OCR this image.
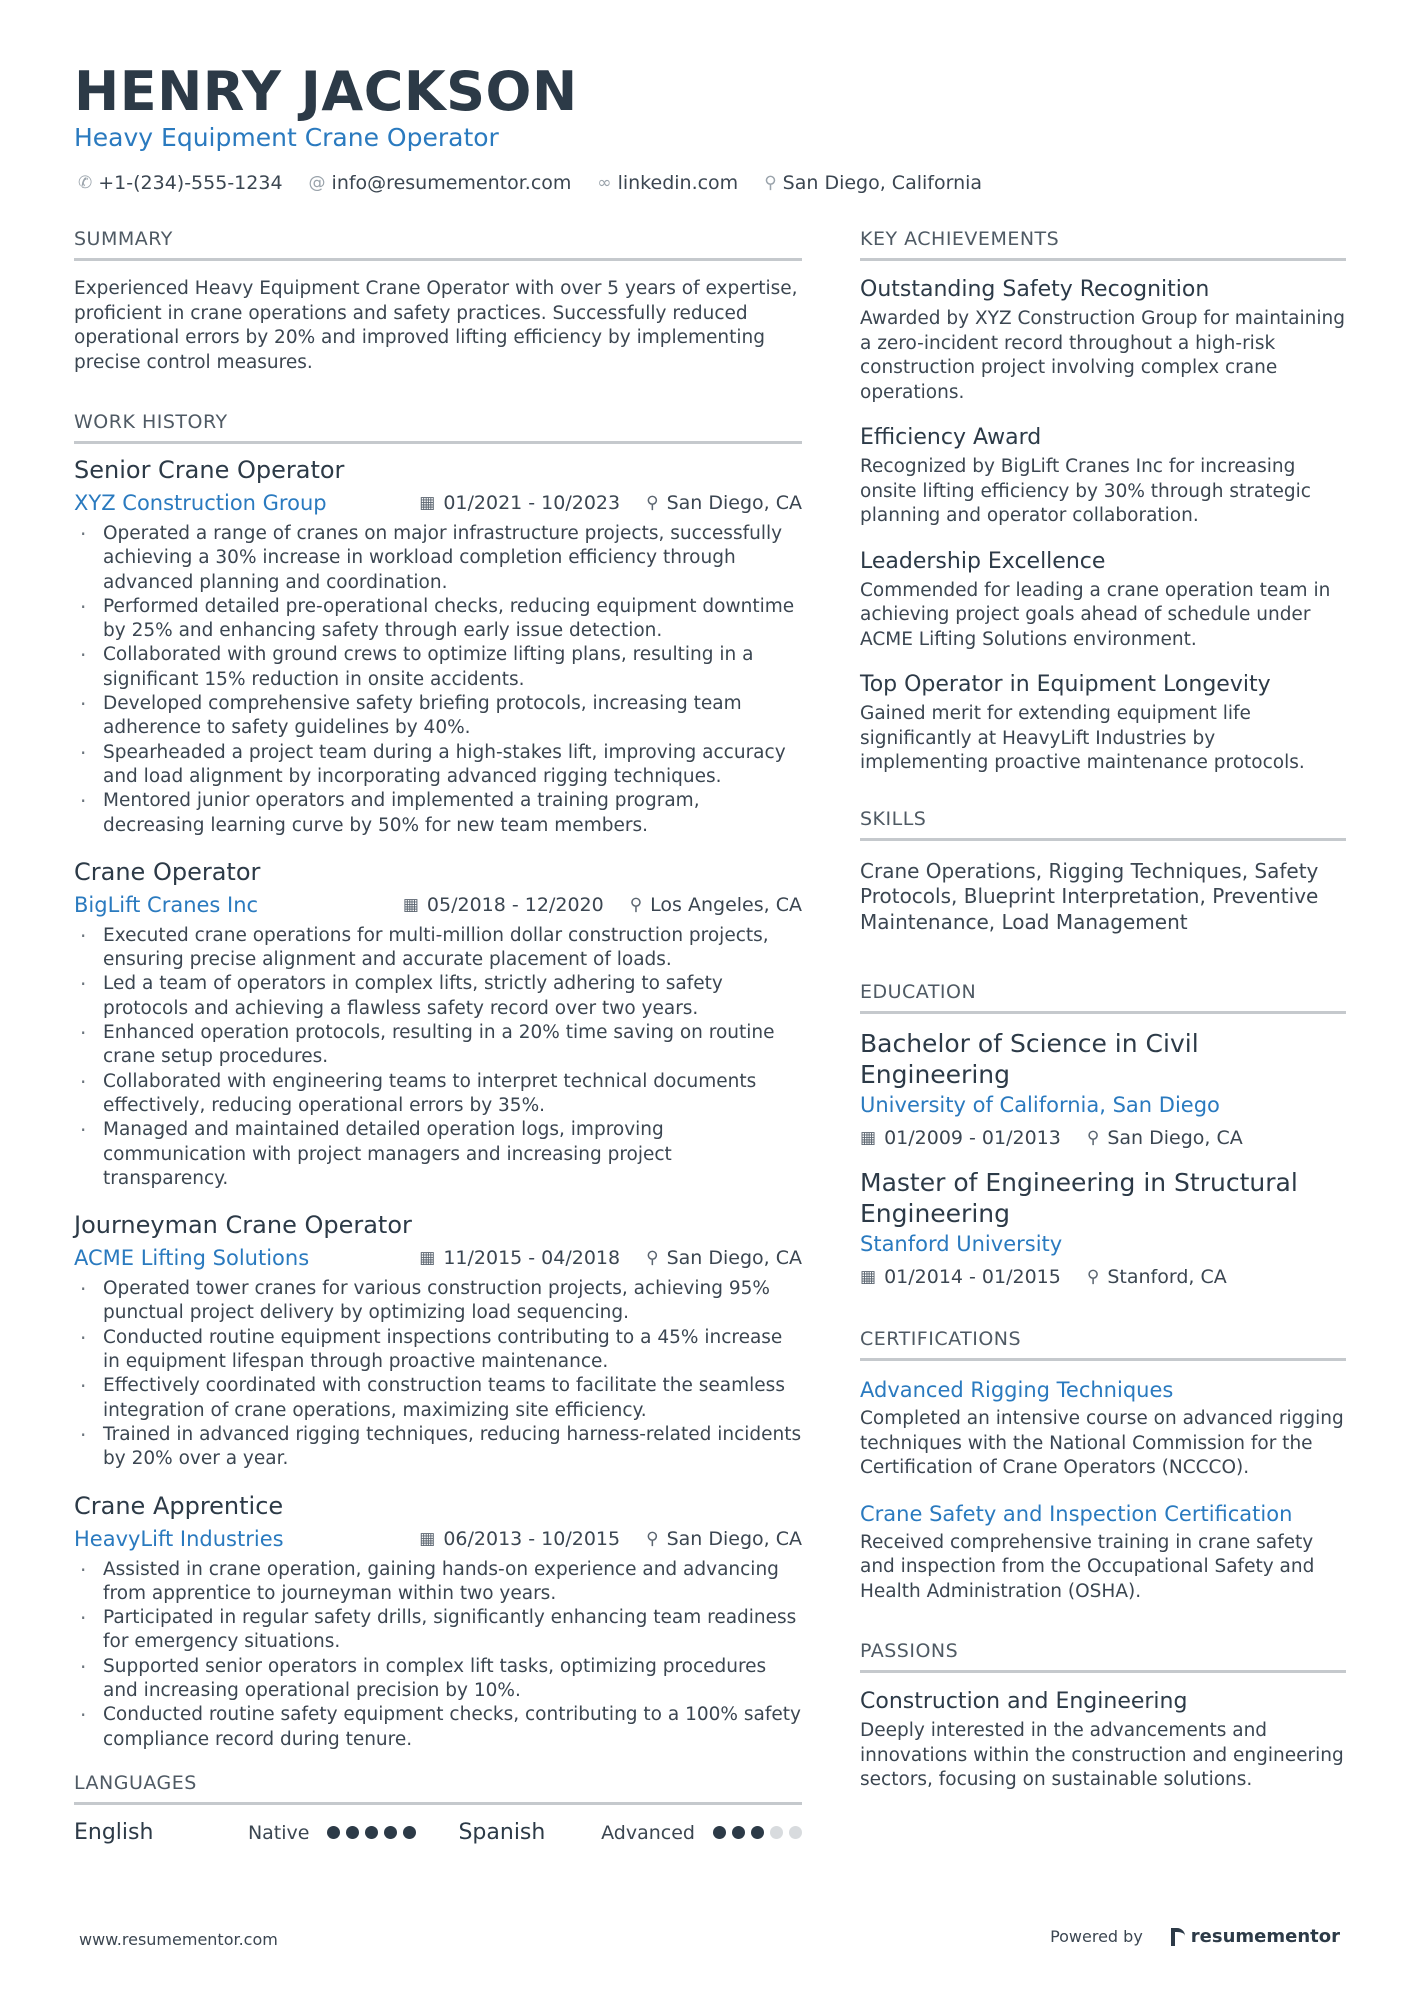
HENRY JACKSON
Heavy Equipment Crane Operator
✆ +1-(234)-555-1234 @ info@resumementor.com ∞ linkedin.com ⚲ San Diego, California
SUMMARY
Experienced Heavy Equipment Crane Operator with over 5 years of expertise, proficient in crane operations and safety practices. Successfully reduced operational errors by 20% and improved lifting efficiency by implementing precise control measures.
WORK HISTORY
Senior Crane Operator
XYZ Construction Group	▦ 01/2021 - 10/2023 ⚲ San Diego, CA
· Operated a range of cranes on major infrastructure projects, successfully achieving a 30% increase in workload completion efficiency through advanced planning and coordination.
· Performed detailed pre-operational checks, reducing equipment downtime by 25% and enhancing safety through early issue detection.
· Collaborated with ground crews to optimize lifting plans, resulting in a significant 15% reduction in onsite accidents.
· Developed comprehensive safety briefing protocols, increasing team adherence to safety guidelines by 40%.
· Spearheaded a project team during a high-stakes lift, improving accuracy and load alignment by incorporating advanced rigging techniques.
· Mentored junior operators and implemented a training program, decreasing learning curve by 50% for new team members.
Crane Operator
BigLift Cranes Inc	▦ 05/2018 - 12/2020 ⚲ Los Angeles, CA
· Executed crane operations for multi-million dollar construction projects, ensuring precise alignment and accurate placement of loads.
· Led a team of operators in complex lifts, strictly adhering to safety protocols and achieving a flawless safety record over two years.
· Enhanced operation protocols, resulting in a 20% time saving on routine crane setup procedures.
· Collaborated with engineering teams to interpret technical documents effectively, reducing operational errors by 35%.
· Managed and maintained detailed operation logs, improving communication with project managers and increasing project transparency.
Journeyman Crane Operator
ACME Lifting Solutions	▦ 11/2015 - 04/2018 ⚲ San Diego, CA
· Operated tower cranes for various construction projects, achieving 95% punctual project delivery by optimizing load sequencing.
· Conducted routine equipment inspections contributing to a 45% increase in equipment lifespan through proactive maintenance.
· Effectively coordinated with construction teams to facilitate the seamless integration of crane operations, maximizing site efficiency.
· Trained in advanced rigging techniques, reducing harness-related incidents by 20% over a year.
Crane Apprentice
HeavyLift Industries	▦ 06/2013 - 10/2015 ⚲ San Diego, CA
· Assisted in crane operation, gaining hands-on experience and advancing from apprentice to journeyman within two years.
· Participated in regular safety drills, significantly enhancing team readiness for emergency situations.
· Supported senior operators in complex lift tasks, optimizing procedures and increasing operational precision by 10%.
· Conducted routine safety equipment checks, contributing to a 100% safety compliance record during tenure.
LANGUAGES
English	Native	Spanish	Advanced
KEY ACHIEVEMENTS
Outstanding Safety Recognition
Awarded by XYZ Construction Group for maintaining a zero-incident record throughout a high-risk construction project involving complex crane operations.
Efficiency Award
Recognized by BigLift Cranes Inc for increasing onsite lifting efficiency by 30% through strategic planning and operator collaboration.
Leadership Excellence
Commended for leading a crane operation team in achieving project goals ahead of schedule under ACME Lifting Solutions environment.
Top Operator in Equipment Longevity
Gained merit for extending equipment life significantly at HeavyLift Industries by implementing proactive maintenance protocols.
SKILLS
Crane Operations, Rigging Techniques, Safety Protocols, Blueprint Interpretation, Preventive Maintenance, Load Management
EDUCATION
Bachelor of Science in Civil Engineering
University of California, San Diego
▦ 01/2009 - 01/2013 ⚲ San Diego, CA
Master of Engineering in Structural Engineering
Stanford University
▦ 01/2014 - 01/2015 ⚲ Stanford, CA
CERTIFICATIONS
Advanced Rigging Techniques
Completed an intensive course on advanced rigging techniques with the National Commission for the Certification of Crane Operators (NCCCO).
Crane Safety and Inspection Certification
Received comprehensive training in crane safety and inspection from the Occupational Safety and Health Administration (OSHA).
PASSIONS
Construction and Engineering
Deeply interested in the advancements and innovations within the construction and engineering sectors, focusing on sustainable solutions.
www.resumementor.com	Powered by	resumementor
